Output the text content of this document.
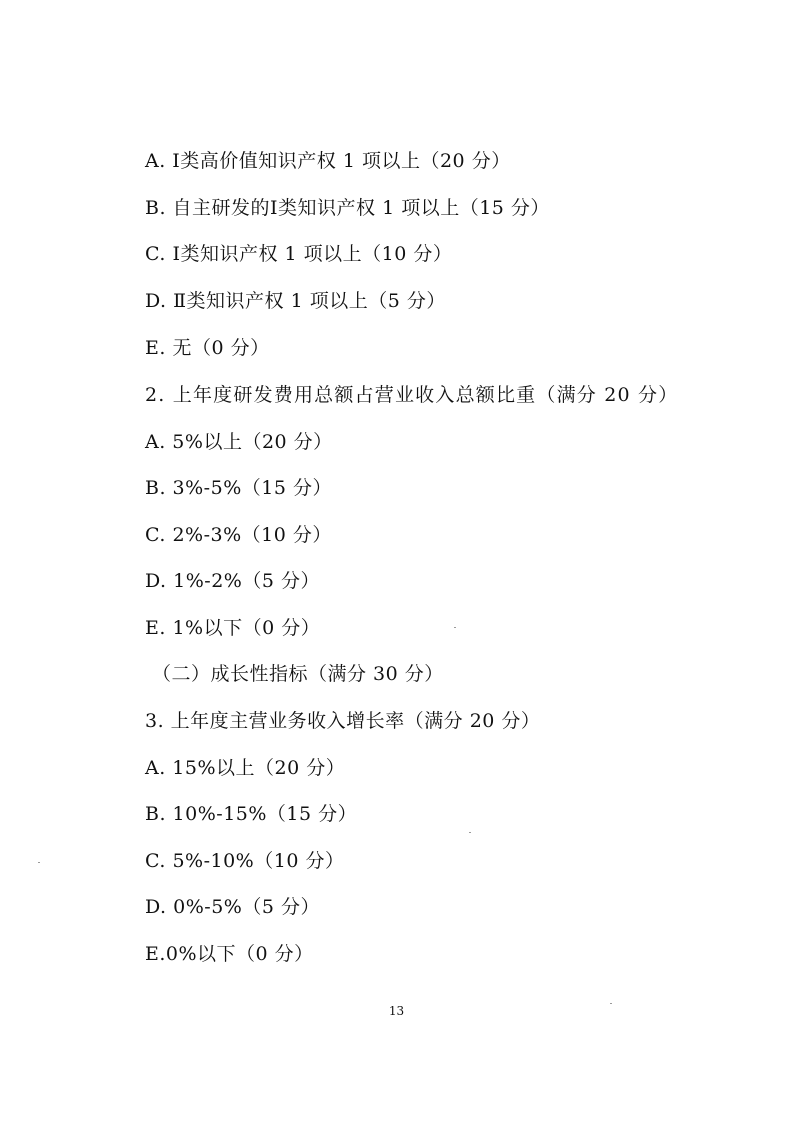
A. Ⅰ类高价值知识产权 1 项以上（20 分）
B. 自主研发的Ⅰ类知识产权 1 项以上（15 分）
C. Ⅰ类知识产权 1 项以上（10 分）
D. Ⅱ类知识产权 1 项以上（5 分）
E. 无（0 分）
2. 上年度研发费用总额占营业收入总额比重（满分 20 分）
A. 5%以上（20 分）
B. 3%-5%（15 分）
C. 2%-3%（10 分）
D. 1%-2%（5 分）
E. 1%以下（0 分）
（二）成长性指标（满分 30 分）
3. 上年度主营业务收入增长率（满分 20 分）
A. 15%以上（20 分）
B. 10%-15%（15 分）
C. 5%-10%（10 分）
D. 0%-5%（5 分）
E.0%以下（0 分）
13
